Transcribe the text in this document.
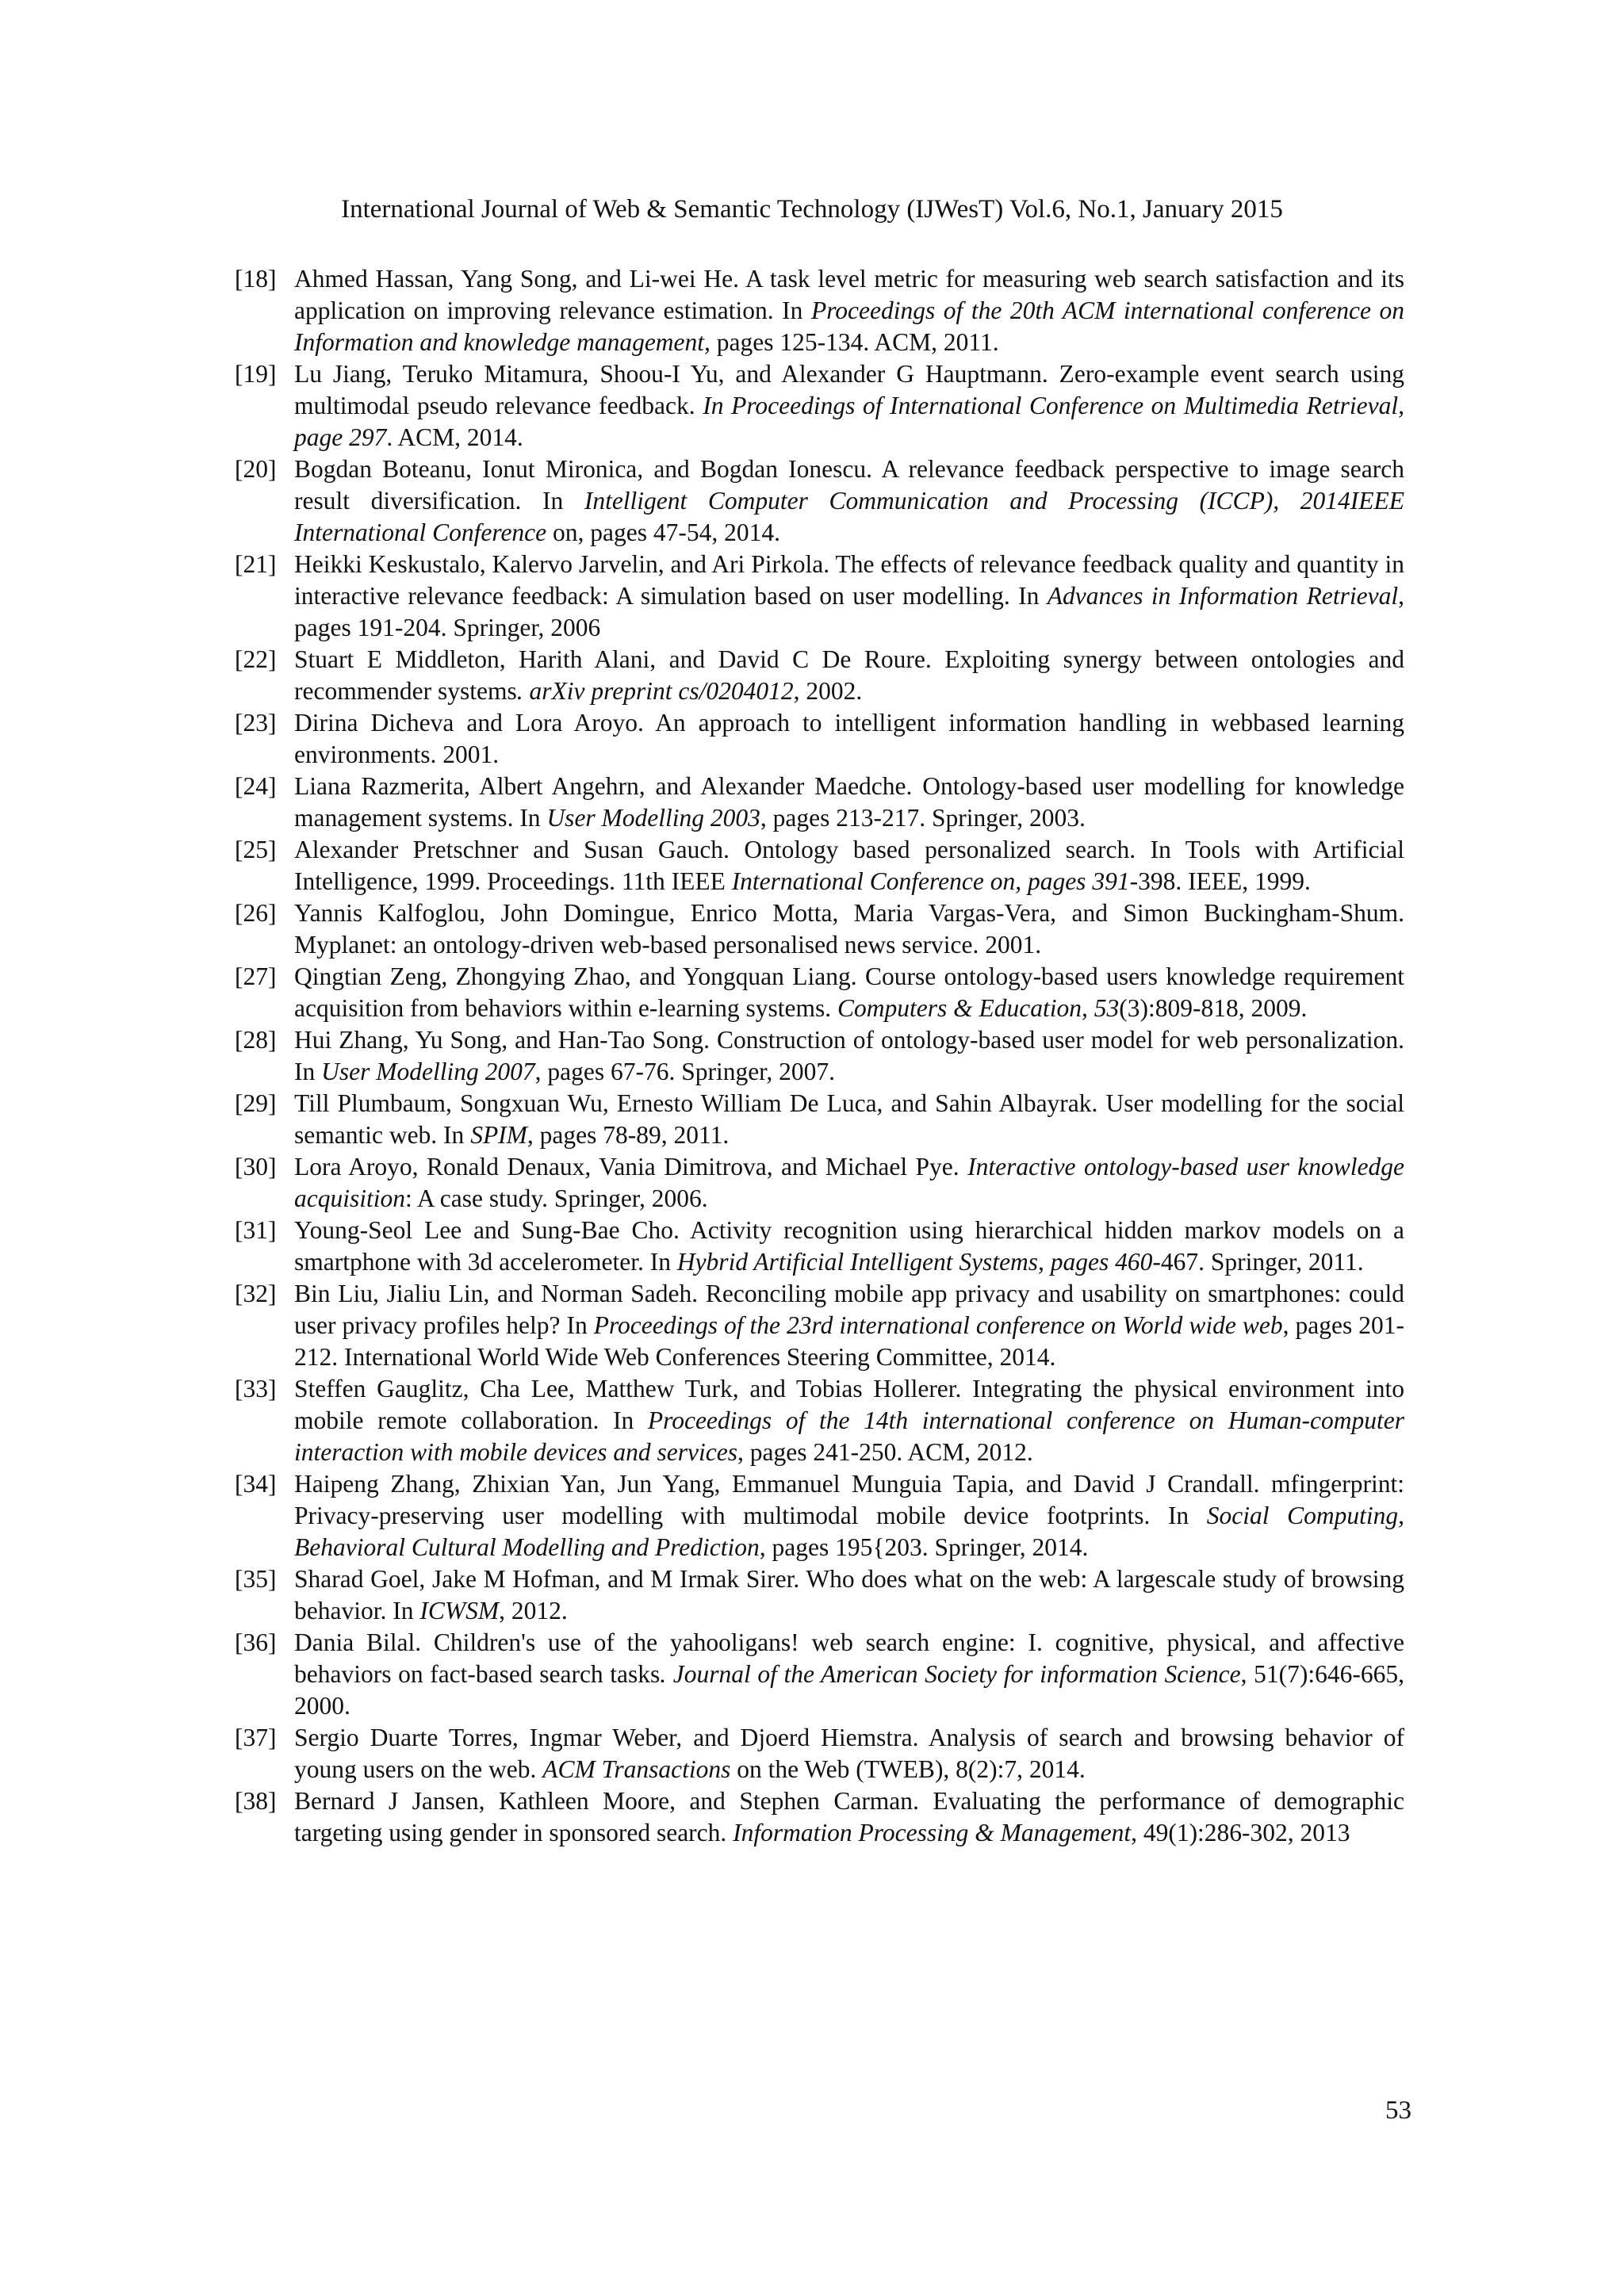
International Journal of Web & Semantic Technology (IJWesT) Vol.6, No.1, January 2015
[18] Ahmed Hassan, Yang Song, and Li-wei He. A task level metric for measuring web search satisfaction and its application on improving relevance estimation. In Proceedings of the 20th ACM international conference on Information and knowledge management, pages 125-134. ACM, 2011.
[19] Lu Jiang, Teruko Mitamura, Shoou-I Yu, and Alexander G Hauptmann. Zero-example event search using multimodal pseudo relevance feedback. In Proceedings of International Conference on Multimedia Retrieval, page 297. ACM, 2014.
[20] Bogdan Boteanu, Ionut Mironica, and Bogdan Ionescu. A relevance feedback perspective to image search result diversification. In Intelligent Computer Communication and Processing (ICCP), 2014IEEE International Conference on, pages 47-54, 2014.
[21] Heikki Keskustalo, Kalervo Jarvelin, and Ari Pirkola. The effects of relevance feedback quality and quantity in interactive relevance feedback: A simulation based on user modelling. In Advances in Information Retrieval, pages 191-204. Springer, 2006
[22] Stuart E Middleton, Harith Alani, and David C De Roure. Exploiting synergy between ontologies and recommender systems. arXiv preprint cs/0204012, 2002.
[23] Dirina Dicheva and Lora Aroyo. An approach to intelligent information handling in webbased learning environments. 2001.
[24] Liana Razmerita, Albert Angehrn, and Alexander Maedche. Ontology-based user modelling for knowledge management systems. In User Modelling 2003, pages 213-217. Springer, 2003.
[25] Alexander Pretschner and Susan Gauch. Ontology based personalized search. In Tools with Artificial Intelligence, 1999. Proceedings. 11th IEEE International Conference on, pages 391-398. IEEE, 1999.
[26] Yannis Kalfoglou, John Domingue, Enrico Motta, Maria Vargas-Vera, and Simon Buckingham-Shum. Myplanet: an ontology-driven web-based personalised news service. 2001.
[27] Qingtian Zeng, Zhongying Zhao, and Yongquan Liang. Course ontology-based users knowledge requirement acquisition from behaviors within e-learning systems. Computers & Education, 53(3):809-818, 2009.
[28] Hui Zhang, Yu Song, and Han-Tao Song. Construction of ontology-based user model for web personalization. In User Modelling 2007, pages 67-76. Springer, 2007.
[29] Till Plumbaum, Songxuan Wu, Ernesto William De Luca, and Sahin Albayrak. User modelling for the social semantic web. In SPIM, pages 78-89, 2011.
[30] Lora Aroyo, Ronald Denaux, Vania Dimitrova, and Michael Pye. Interactive ontology-based user knowledge acquisition: A case study. Springer, 2006.
[31] Young-Seol Lee and Sung-Bae Cho. Activity recognition using hierarchical hidden markov models on a smartphone with 3d accelerometer. In Hybrid Artificial Intelligent Systems, pages 460-467. Springer, 2011.
[32] Bin Liu, Jialiu Lin, and Norman Sadeh. Reconciling mobile app privacy and usability on smartphones: could user privacy profiles help? In Proceedings of the 23rd international conference on World wide web, pages 201-212. International World Wide Web Conferences Steering Committee, 2014.
[33] Steffen Gauglitz, Cha Lee, Matthew Turk, and Tobias Hollerer. Integrating the physical environment into mobile remote collaboration. In Proceedings of the 14th international conference on Human-computer interaction with mobile devices and services, pages 241-250. ACM, 2012.
[34] Haipeng Zhang, Zhixian Yan, Jun Yang, Emmanuel Munguia Tapia, and David J Crandall. mfingerprint: Privacy-preserving user modelling with multimodal mobile device footprints. In Social Computing, Behavioral Cultural Modelling and Prediction, pages 195{203. Springer, 2014.
[35] Sharad Goel, Jake M Hofman, and M Irmak Sirer. Who does what on the web: A largescale study of browsing behavior. In ICWSM, 2012.
[36] Dania Bilal. Children's use of the yahooligans! web search engine: I. cognitive, physical, and affective behaviors on fact-based search tasks. Journal of the American Society for information Science, 51(7):646-665, 2000.
[37] Sergio Duarte Torres, Ingmar Weber, and Djoerd Hiemstra. Analysis of search and browsing behavior of young users on the web. ACM Transactions on the Web (TWEB), 8(2):7, 2014.
[38] Bernard J Jansen, Kathleen Moore, and Stephen Carman. Evaluating the performance of demographic targeting using gender in sponsored search. Information Processing & Management, 49(1):286-302, 2013
53
